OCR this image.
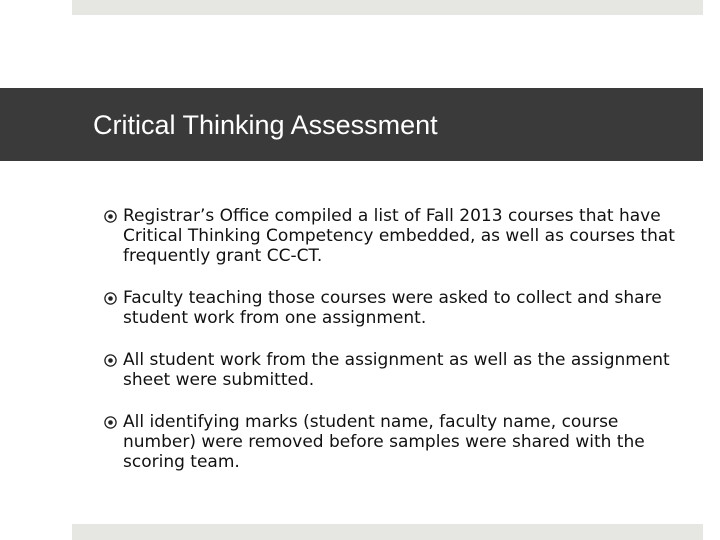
Critical Thinking Assessment
Registrar’s Office compiled a list of Fall 2013 courses that have Critical Thinking Competency embedded, as well as courses that frequently grant CC-CT.
Faculty teaching those courses were asked to collect and share student work from one assignment.
All student work from the assignment as well as the assignment sheet were submitted.
All identifying marks (student name, faculty name, course number) were removed before samples were shared with the scoring team.
